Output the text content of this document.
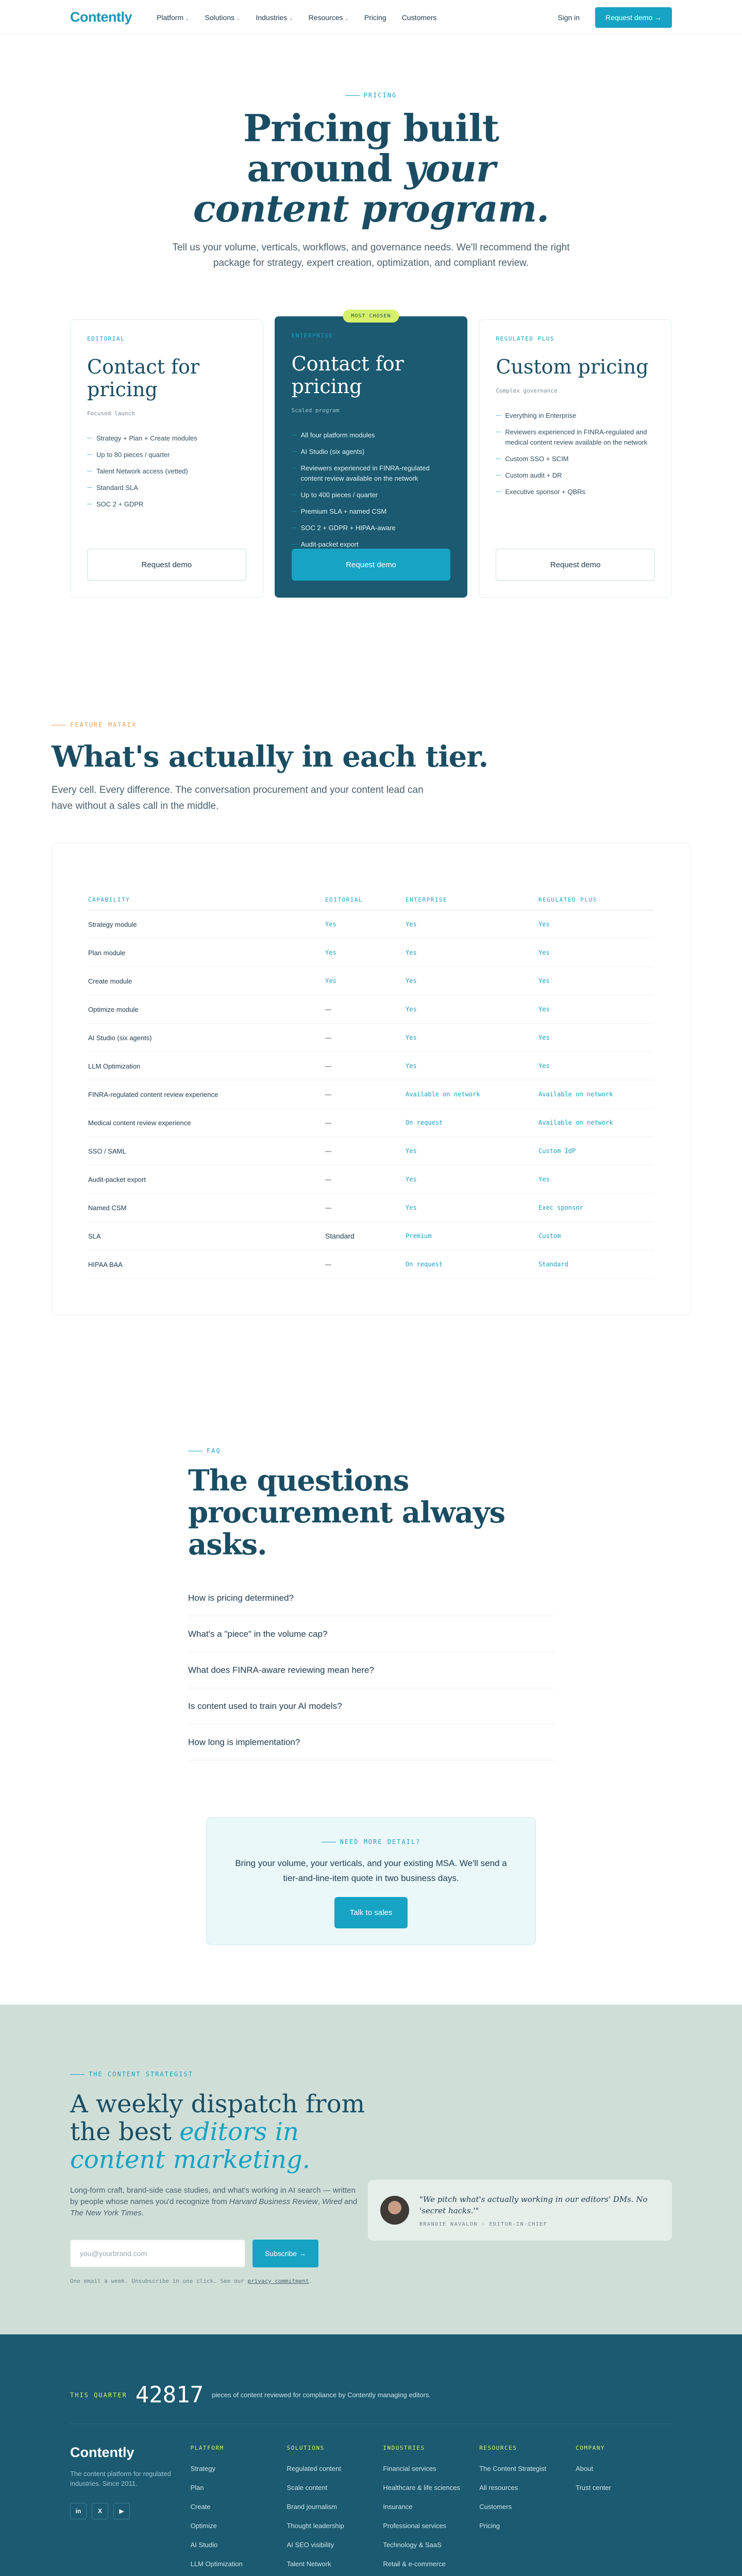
Contently	Platform ⌄ Solutions ⌄ Industries ⌄ Resources ⌄ Pricing Customers	Sign in	Request demo →
PRICING
Pricing built
around your
content program.

Tell us your volume, verticals, workflows, and governance needs. We'll recommend the right package for strategy, expert creation, optimization, and compliant review.

EDITORIAL
Contact for pricing
Focused launch
— Strategy + Plan + Create modules
— Up to 80 pieces / quarter
— Talent Network access (vetted)
— Standard SLA
— SOC 2 + GDPR
Request demo
MOST CHOSEN
ENTERPRISE
Contact for pricing
Scaled program
— All four platform modules
— AI Studio (six agents)
— Reviewers experienced in FINRA-regulated content review available on the network
— Up to 400 pieces / quarter
— Premium SLA + named CSM
— SOC 2 + GDPR + HIPAA-aware
— Audit-packet export
Request demo
REGULATED PLUS
Custom pricing
Complex governance
— Everything in Enterprise
— Reviewers experienced in FINRA-regulated and medical content review available on the network
— Custom SSO + SCIM
— Custom audit + DR
— Executive sponsor + QBRs
Request demo
FEATURE MATRIX
What's actually in each tier.

Every cell. Every difference. The conversation procurement and your content lead can have without a sales call in the middle.

CAPABILITY	EDITORIAL	ENTERPRISE	REGULATED PLUS
Strategy module	Yes	Yes	Yes
Plan module	Yes	Yes	Yes
Create module	Yes	Yes	Yes
Optimize module	—	Yes	Yes
AI Studio (six agents)	—	Yes	Yes
LLM Optimization	—	Yes	Yes
FINRA-regulated content review experience	—	Available on network	Available on network
Medical content review experience	—	On request	Available on network
SSO / SAML	—	Yes	Custom IdP
Audit-packet export	—	Yes	Yes
Named CSM	—	Yes	Exec sponsor
SLA	Standard	Premium	Custom
HIPAA BAA	—	On request	Standard
FAQ
The questions
procurement always asks.
How is pricing determined?
What's a "piece" in the volume cap?
What does FINRA-aware reviewing mean here?
Is content used to train your AI models?
How long is implementation?
NEED MORE DETAIL?

Bring your volume, your verticals, and your existing MSA. We'll send a tier-and-line-item quote in two business days.

Talk to sales
THE CONTENT STRATEGIST
A weekly dispatch from the best editors in content marketing.
Long-form craft, brand-side case studies, and what's working in AI search — written by people whose names you'd recognize from Harvard Business Review, Wired and The New York Times.
you@yourbrand.com	Subscribe →
One email a week. Unsubscribe in one click. See our privacy commitment.
"We pitch what's actually working in our editors' DMs. No 'secret hacks.'"
BRANDIE NAVALON · EDITOR-IN-CHIEF
THIS QUARTER 42817 pieces of content reviewed for compliance by Contently managing editors.
Contently

The content platform for regulated industries. Since 2011.

in	X	▶
PLATFORM
Strategy
Plan
Create
Optimize
AI Studio
LLM Optimization
SOLUTIONS
Regulated content
Scale content
Brand journalism
Thought leadership
AI SEO visibility
Talent Network
INDUSTRIES
Financial services
Healthcare & life sciences
Insurance
Professional services
Technology & SaaS
Retail & e-commerce
RESOURCES
The Content Strategist
All resources
Customers
Pricing
COMPANY
About
Trust center
